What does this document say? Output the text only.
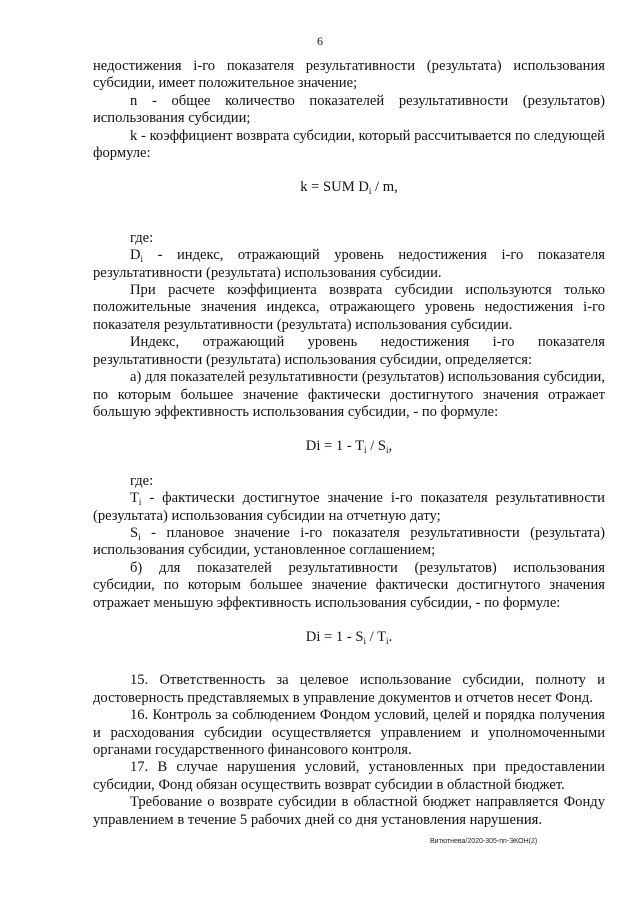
6

недостижения i-го показателя результативности (результата) использования субсидии, имеет положительное значение;

n - общее количество показателей результативности (результатов) использования субсидии;

k - коэффициент возврата субсидии, который рассчитывается по следующей формуле:

k = SUM $D_i$ / m,

где:

$D_i$ - индекс, отражающий уровень недостижения i-го показателя результативности (результата) использования субсидии.

При расчете коэффициента возврата субсидии используются только положительные значения индекса, отражающего уровень недостижения i-го показателя результативности (результата) использования субсидии.

Индекс, отражающий уровень недостижения i-го показателя результативности (результата) использования субсидии, определяется:

а) для показателей результативности (результатов) использования субсидии, по которым большее значение фактически достигнутого значения отражает большую эффективность использования субсидии, - по формуле:

$Di = 1 - T_i / S_i$,

где:

$T_i$ - фактически достигнутое значение i-го показателя результативности (результата) использования субсидии на отчетную дату;

$S_i$ - плановое значение i-го показателя результативности (результата) использования субсидии, установленное соглашением;

б) для показателей результативности (результатов) использования субсидии, по которым большее значение фактически достигнутого значения отражает меньшую эффективность использования субсидии, - по формуле:

$Di = 1 - S_i / T_i$.

15. Ответственность за целевое использование субсидии, полноту и достоверность представляемых в управление документов и отчетов несет Фонд.

16. Контроль за соблюдением Фондом условий, целей и порядка получения и расходования субсидии осуществляется управлением и уполномоченными органами государственного финансового контроля.

17. В случае нарушения условий, установленных при предоставлении субсидии, Фонд обязан осуществить возврат субсидии в областной бюджет.

Требование о возврате субсидии в областной бюджет направляется Фонду управлением в течение 5 рабочих дней со дня установления нарушения.

Витютнева/2020-305-пп-ЭКОН(2)
